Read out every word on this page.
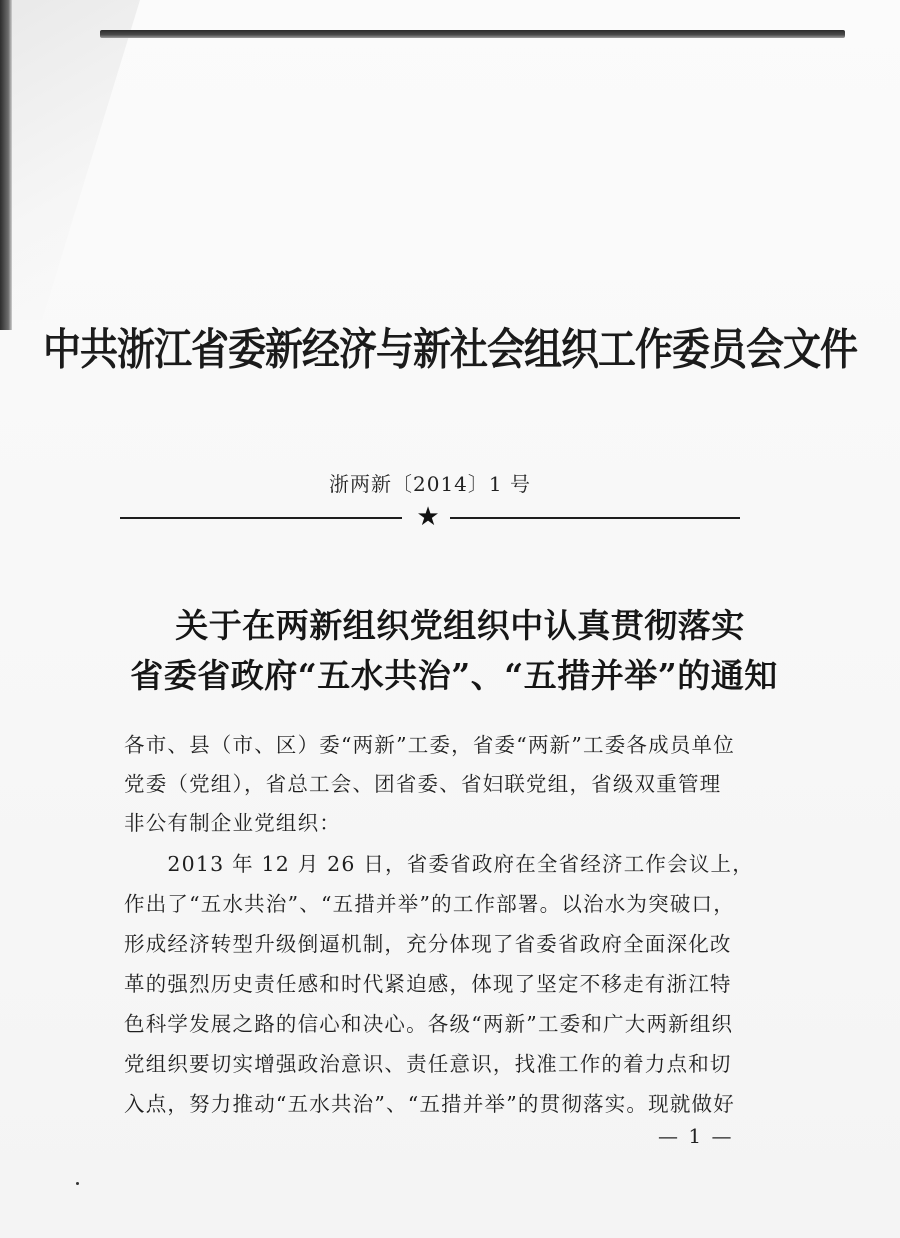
中共浙江省委新经济与新社会组织工作委员会文件
浙两新〔2014〕1 号
★
关于在两新组织党组织中认真贯彻落实
省委省政府“五水共治”、“五措并举”的通知
各市、县（市、区）委“两新”工委，省委“两新”工委各成员单位
党委（党组），省总工会、团省委、省妇联党组，省级双重管理
非公有制企业党组织：
　　2013 年 12 月 26 日，省委省政府在全省经济工作会议上，
作出了“五水共治”、“五措并举”的工作部署。以治水为突破口，
形成经济转型升级倒逼机制，充分体现了省委省政府全面深化改
革的强烈历史责任感和时代紧迫感，体现了坚定不移走有浙江特
色科学发展之路的信心和决心。各级“两新”工委和广大两新组织
党组织要切实增强政治意识、责任意识，找准工作的着力点和切
入点，努力推动“五水共治”、“五措并举”的贯彻落实。现就做好
— 1 —
